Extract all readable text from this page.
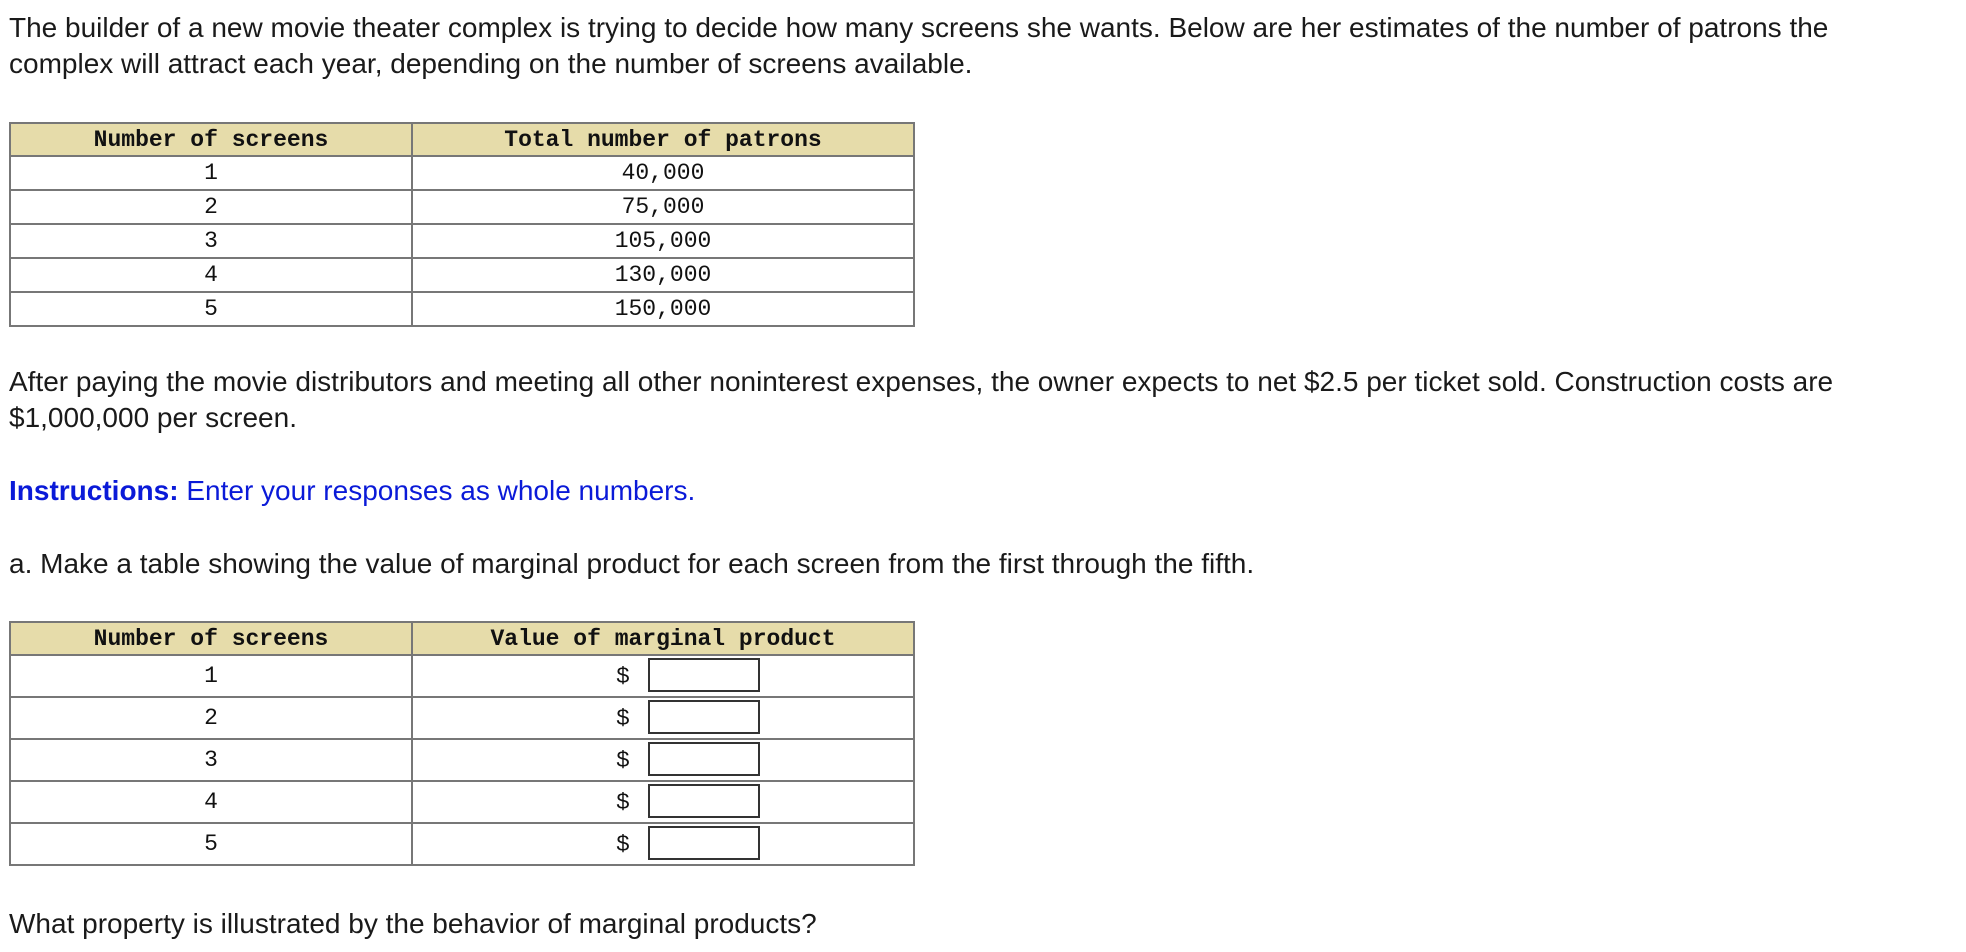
The builder of a new movie theater complex is trying to decide how many screens she wants. Below are her estimates of the number of patrons the complex will attract each year, depending on the number of screens available.

Number of screens	Total number of patrons
1	40,000
2	75,000
3	105,000
4	130,000
5	150,000

After paying the movie distributors and meeting all other noninterest expenses, the owner expects to net $2.5 per ticket sold. Construction costs are $1,000,000 per screen.

Instructions: Enter your responses as whole numbers.

a. Make a table showing the value of marginal product for each screen from the first through the fifth.

Number of screens	Value of marginal product
1	$

2	$

3	$

4	$

5	$

What property is illustrated by the behavior of marginal products?
